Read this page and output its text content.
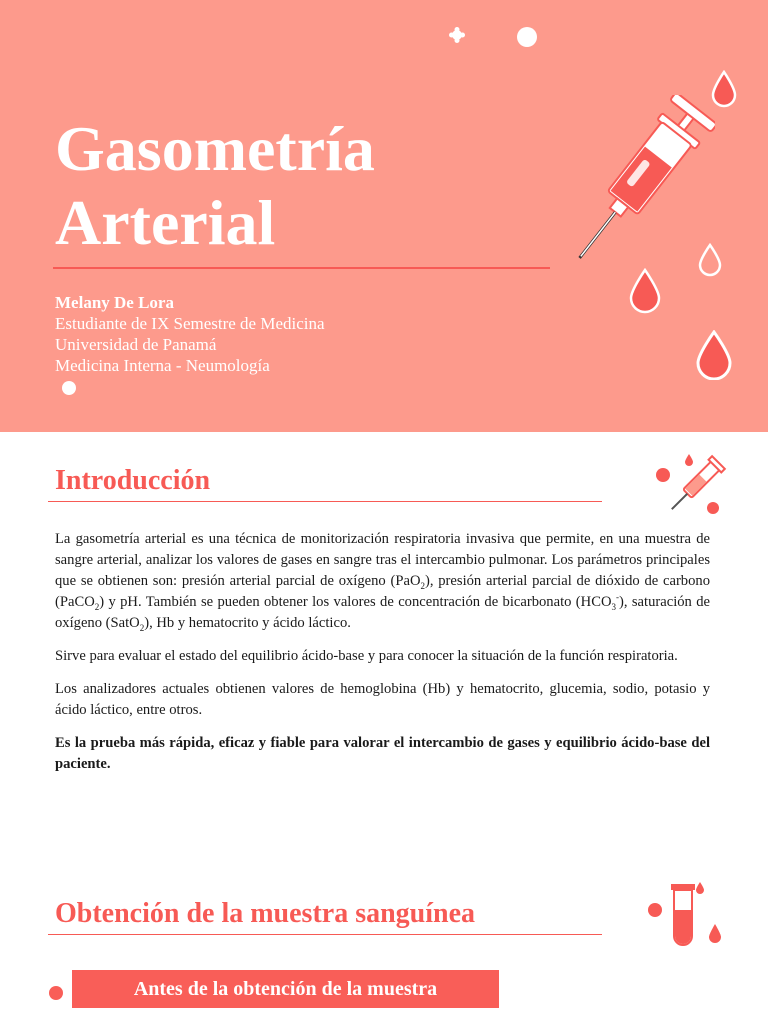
Gasometría
Arterial
Melany De Lora
Estudiante de IX Semestre de Medicina
Universidad de Panamá
Medicina Interna - Neumología
Introducción

La gasometría arterial es una técnica de monitorización respiratoria invasiva que permite, en una muestra de sangre arterial, analizar los valores de gases en sangre tras el intercambio pulmonar. Los parámetros principales que se obtienen son: presión arterial parcial de oxígeno (PaO$_2$), presión arterial parcial de dióxido de carbono (PaCO$_2$) y pH. También se pueden obtener los valores de concentración de bicarbonato $(HCO_3^-)$, saturación de oxígeno (SatO$_2$), Hb y hematocrito y ácido láctico.

Sirve para evaluar el estado del equilibrio ácido-base y para conocer la situación de la función respiratoria.

Los analizadores actuales obtienen valores de hemoglobina (Hb) y hematocrito, glucemia, sodio, potasio y ácido láctico, entre otros.

Es la prueba más rápida, eficaz y fiable para valorar el intercambio de gases y equilibrio ácido-base del paciente.

Obtención de la muestra sanguínea
Antes de la obtención de la muestra
